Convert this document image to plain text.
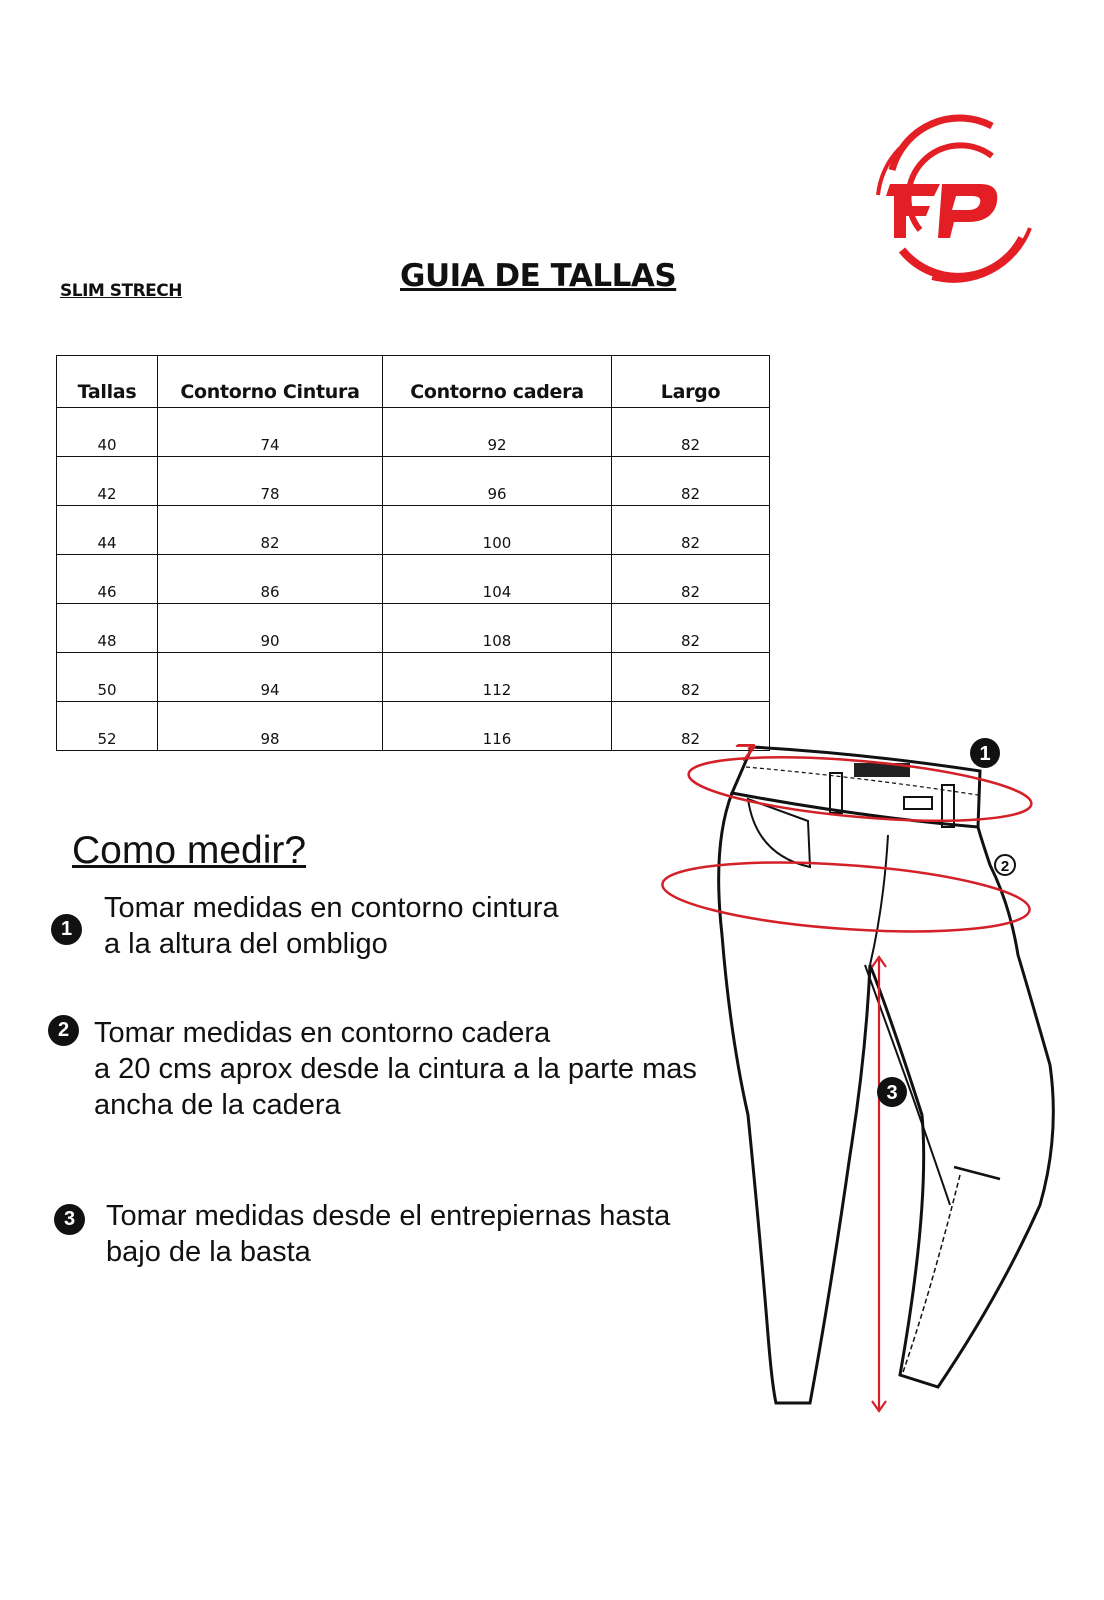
SLIM STRECH	GUIA DE TALLAS
Tallas	Contorno Cintura	Contorno cadera	Largo
40	74	92	82
42	78	96	82
44	82	100	82
46	86	104	82
48	90	108	82
50	94	112	82
52	98	116	82
Como medir?
1
Tomar medidas en contorno cintura
a la altura del ombligo
2 Tomar medidas en contorno cadera
a 20 cms aprox desde la cintura a la parte mas
ancha de la cadera
3	Tomar medidas desde el entrepiernas hasta
bajo de la basta
1
2
3
